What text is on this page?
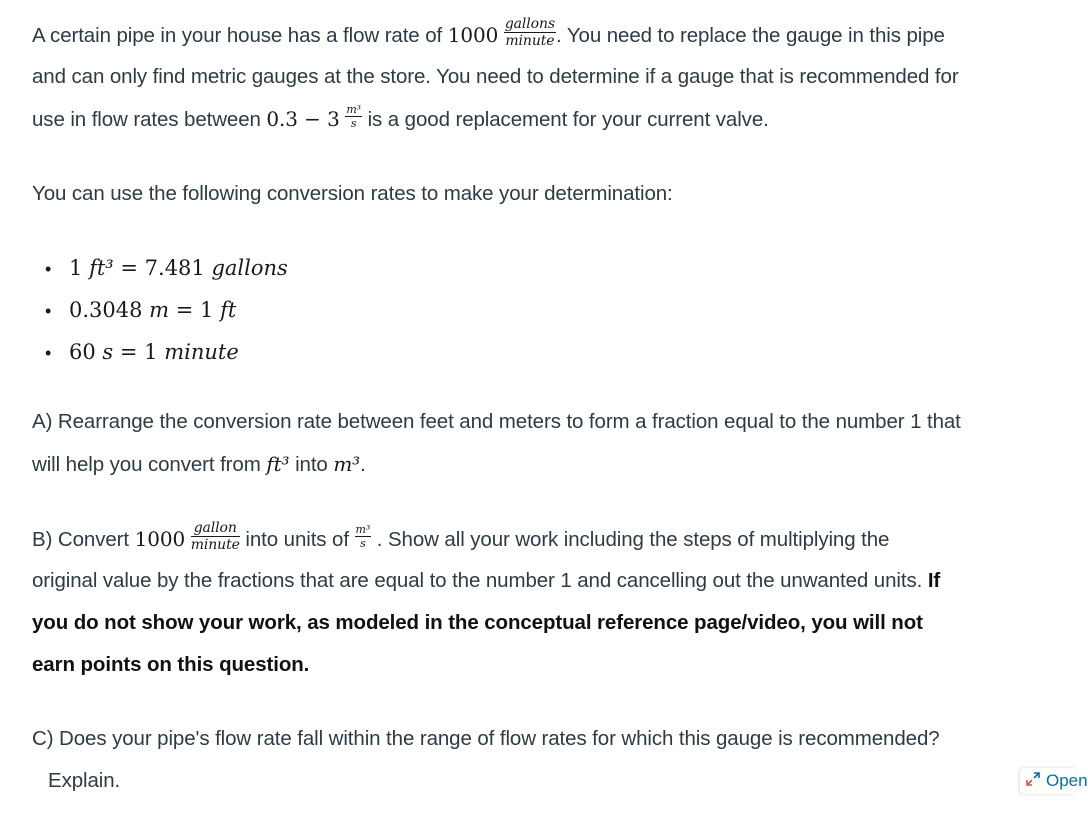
A certain pipe in your house has a flow rate of $1000 \frac{\text{gallons}}{\text{minute}}$ . You need to replace the gauge in this pipe

and can only find metric gauges at the store. You need to determine if a gauge that is recommended for

use in flow rates between $0.3 - 3 \frac{\text{m³}}{s}$ is a good replacement for your current valve.

You can use the following conversion rates to make your determination:

• 1 ft³ = 7.481 gallons
• 0.3048 m = 1 ft
• 60 s = 1 minute

A) Rearrange the conversion rate between feet and meters to form a fraction equal to the number 1 that

will help you convert from ft³ into m³.

B) Convert $1000 \frac{\text{gallon}}{\text{minute}}$ into units of $\frac{\text{m³}}{s}$ . Show all your work including the steps of multiplying the

original value by the fractions that are equal to the number 1 and cancelling out the unwanted units. If

you do not show your work, as modeled in the conceptual reference page/video, you will not

earn points on this question.

C) Does your pipe's flow rate fall within the range of flow rates for which this gauge is recommended?

Explain.	Open
